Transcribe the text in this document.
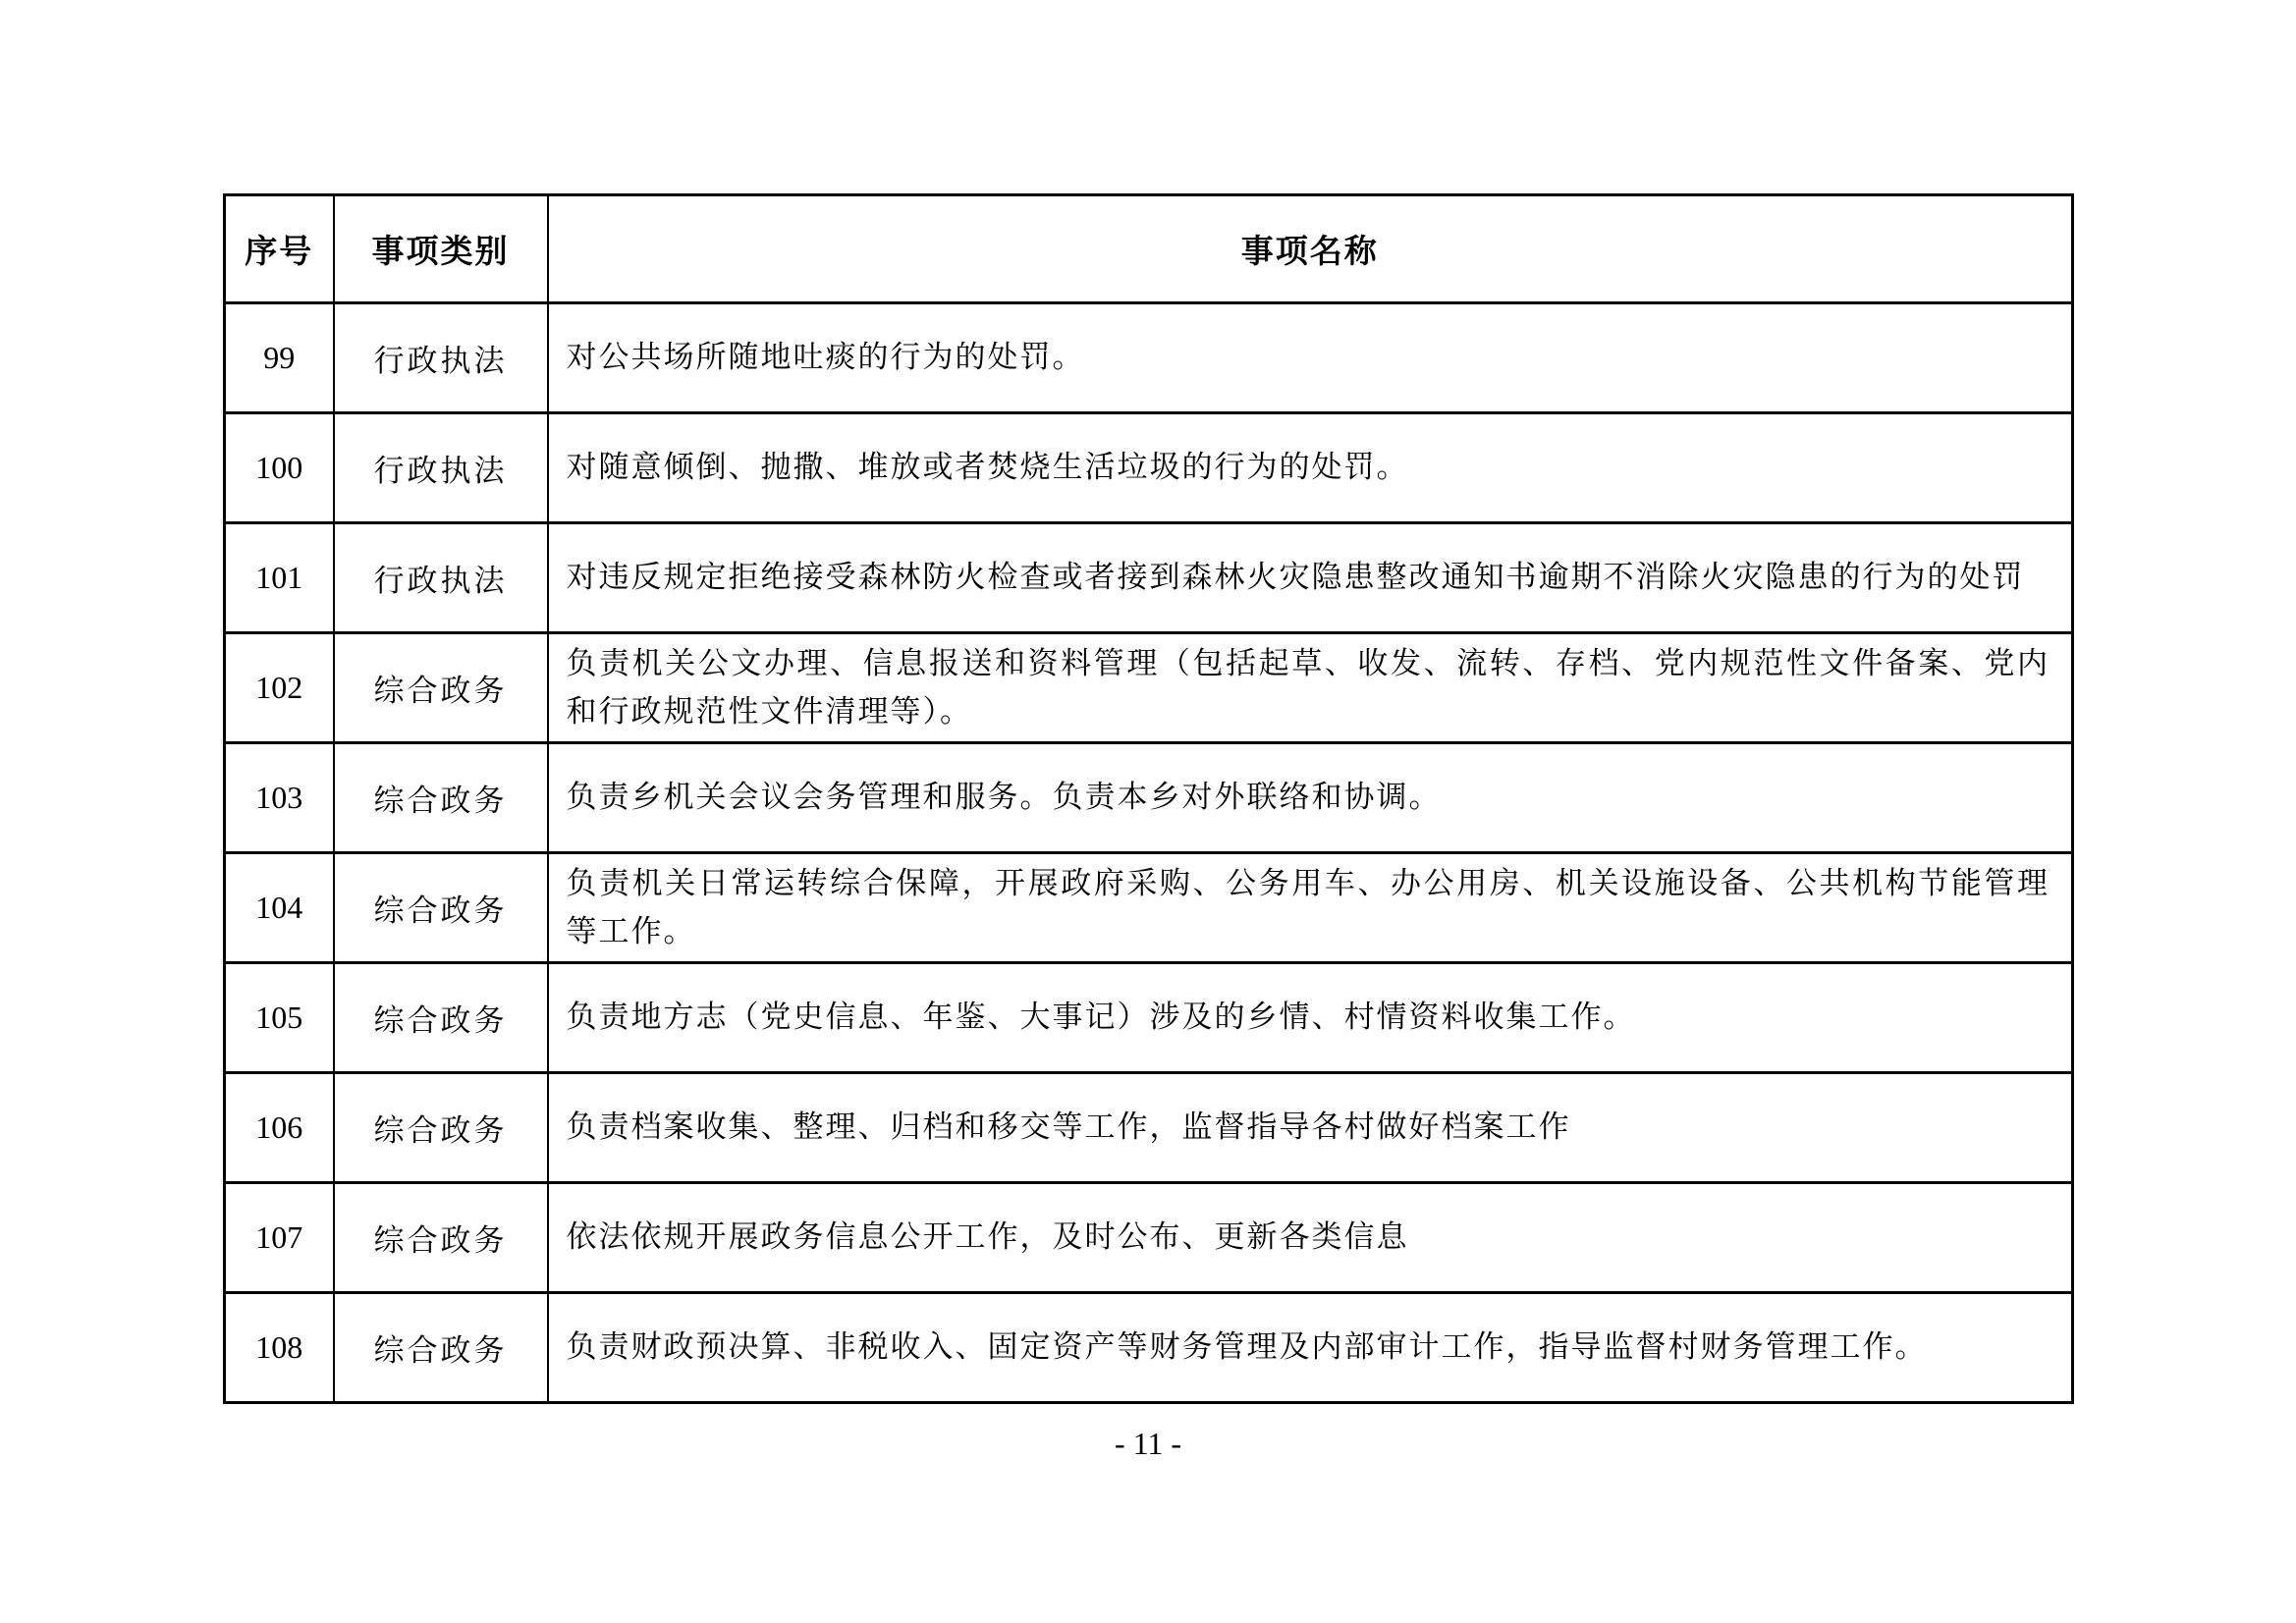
序号	事项类别	事项名称
99	行政执法	对公共场所随地吐痰的行为的处罚。
100	行政执法	对随意倾倒、抛撒、堆放或者焚烧生活垃圾的行为的处罚。
101	行政执法	对违反规定拒绝接受森林防火检查或者接到森林火灾隐患整改通知书逾期不消除火灾隐患的行为的处罚
102	综合政务	负责机关公文办理、信息报送和资料管理（包括起草、收发、流转、存档、党内规范性文件备案、党内和行政规范性文件清理等）。
103	综合政务	负责乡机关会议会务管理和服务。负责本乡对外联络和协调。
104	综合政务	负责机关日常运转综合保障，开展政府采购、公务用车、办公用房、机关设施设备、公共机构节能管理等工作。
105	综合政务	负责地方志（党史信息、年鉴、大事记）涉及的乡情、村情资料收集工作。
106	综合政务	负责档案收集、整理、归档和移交等工作，监督指导各村做好档案工作
107	综合政务	依法依规开展政务信息公开工作，及时公布、更新各类信息
108	综合政务	负责财政预决算、非税收入、固定资产等财务管理及内部审计工作，指导监督村财务管理工作。
- 11 -
